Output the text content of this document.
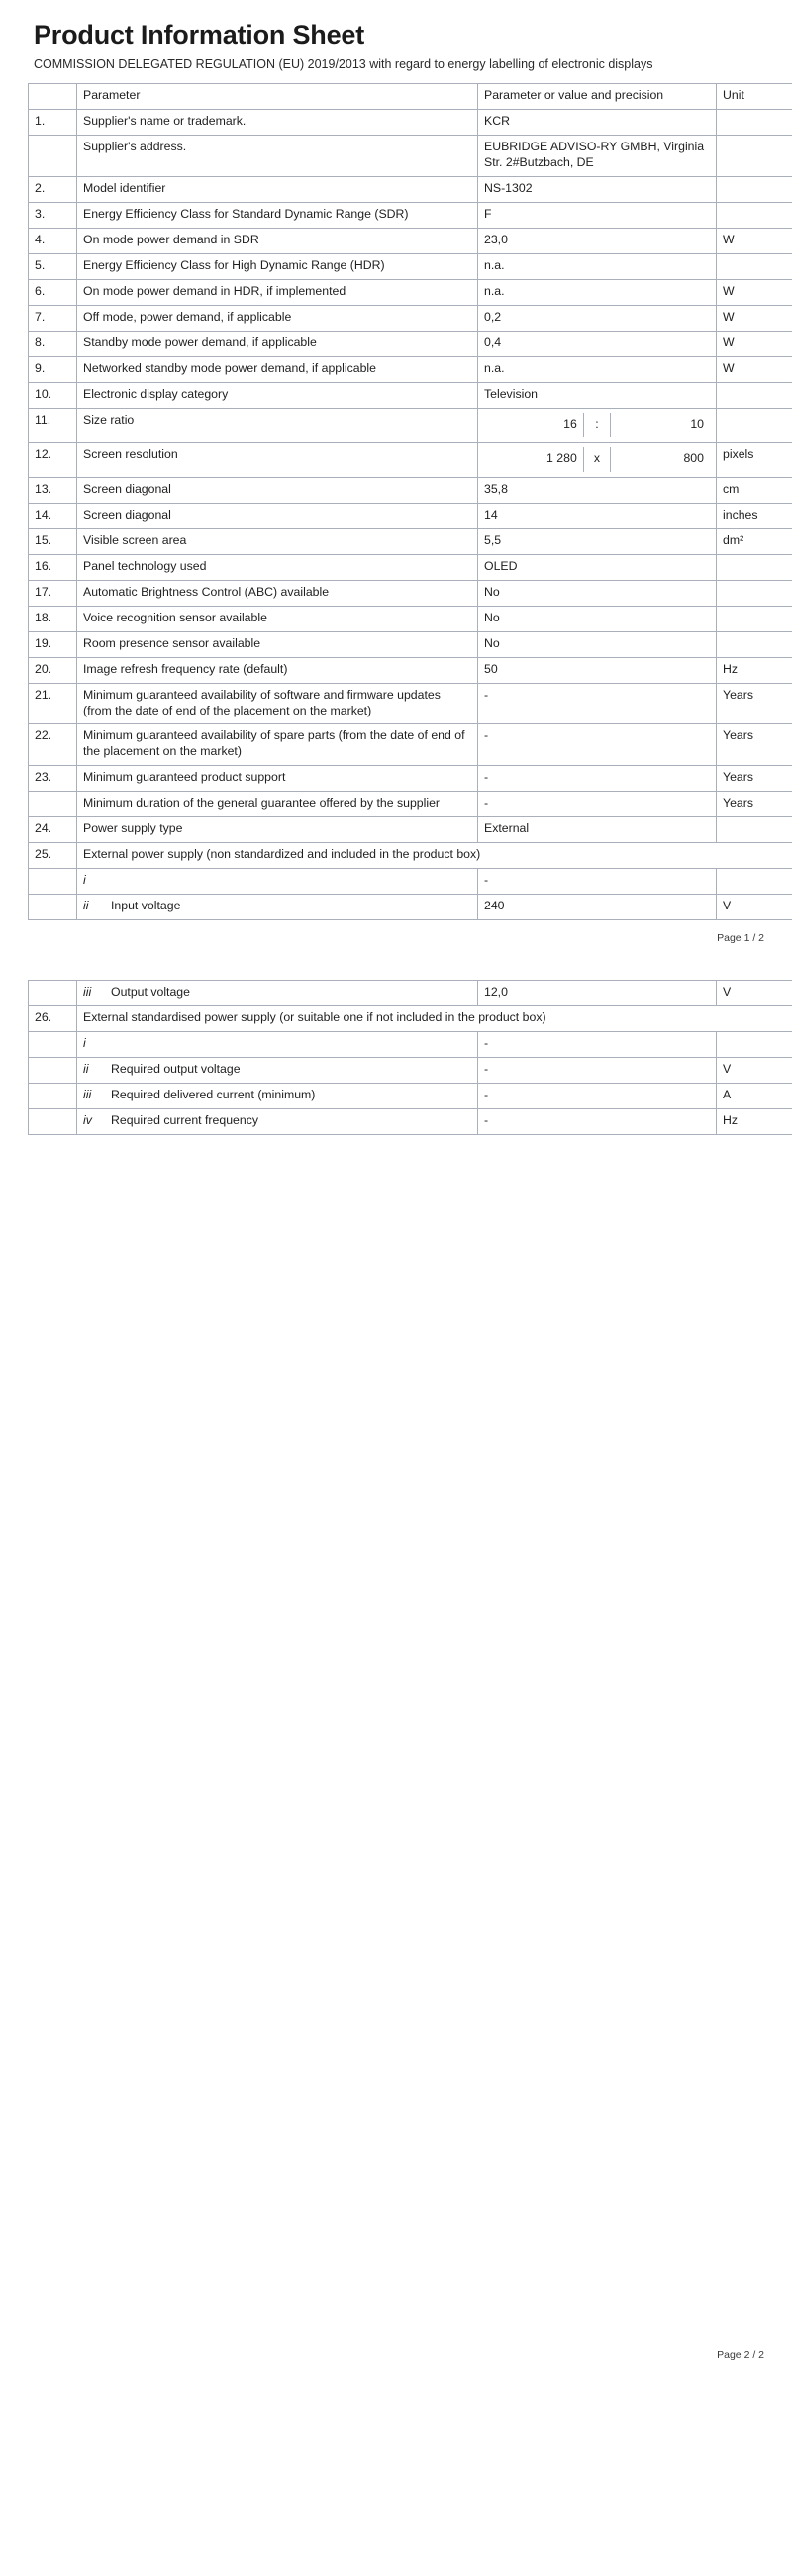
Product Information Sheet
COMMISSION DELEGATED REGULATION (EU) 2019/2013 with regard to energy labelling of electronic displays
	Parameter	Parameter or value and precision	Unit
1.	Supplier's name or trademark.	KCR	
	Supplier's address.	EUBRIDGE ADVISO-RY GMBH, Virginia Str. 2#Butzbach, DE	
2.	Model identifier	NS-1302	
3.	Energy Efficiency Class for Standard Dynamic Range (SDR)	F	
4.	On mode power demand in SDR	23,0	W
5.	Energy Efficiency Class for High Dynamic Range (HDR)	n.a.	
6.	On mode power demand in HDR, if implemented	n.a.	W
7.	Off mode, power demand, if applicable	0,2	W
8.	Standby mode power demand, if applicable	0,4	W
9.	Networked standby mode power demand, if applicable	n.a.	W
10.	Electronic display category	Television	
11.	Size ratio	16	:	10

12.	Screen resolution	1 280	x	800	pixels
13.	Screen diagonal	35,8	cm
14.	Screen diagonal	14	inches
15.	Visible screen area	5,5	dm²
16.	Panel technology used	OLED	
17.	Automatic Brightness Control (ABC) available	No	
18.	Voice recognition sensor available	No	
19.	Room presence sensor available	No	
20.	Image refresh frequency rate (default)	50	Hz
21.	Minimum guaranteed availability of software and firmware updates (from the date of end of the placement on the market)	-	Years
22.	Minimum guaranteed availability of spare parts (from the date of end of the placement on the market)	-	Years
23.	Minimum guaranteed product support	-	Years
	Minimum duration of the general guarantee offered by the supplier	-	Years
24.	Power supply type	External	
25.	External power supply (non standardized and included in the product box)		
	i	-	
	ii Input voltage	240	V
Page 1 / 2
	iii Output voltage	12,0	V
26.	External standardised power supply (or suitable one if not included in the product box)		
	i	-	
	ii Required output voltage	-	V
	iii Required delivered current (minimum)	-	A
	iv Required current frequency	-	Hz
Page 2 / 2
